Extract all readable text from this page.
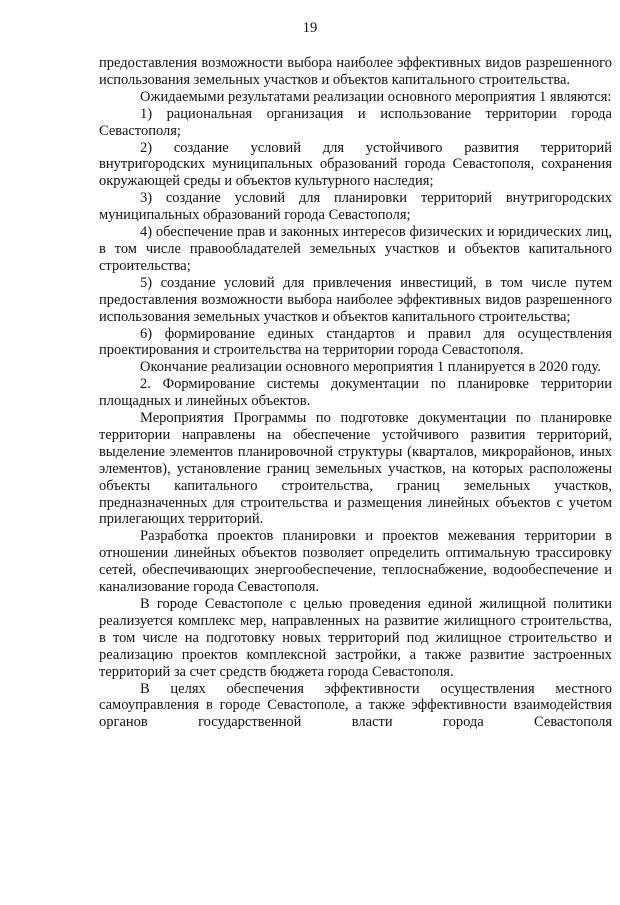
19

предоставления возможности выбора наиболее эффективных видов разрешенного использования земельных участков и объектов капитального строительства.

Ожидаемыми результатами реализации основного мероприятия 1 являются:

1) рациональная организация и использование территории города Севастополя;

2) создание условий для устойчивого развития территорий внутригородских муниципальных образований города Севастополя, сохранения окружающей среды и объектов культурного наследия;

3) создание условий для планировки территорий внутригородских муниципальных образований города Севастополя;

4) обеспечение прав и законных интересов физических и юридических лиц, в том числе правообладателей земельных участков и объектов капитального строительства;

5) создание условий для привлечения инвестиций, в том числе путем предоставления возможности выбора наиболее эффективных видов разрешенного использования земельных участков и объектов капитального строительства;

6) формирование единых стандартов и правил для осуществления проектирования и строительства на территории города Севастополя.

Окончание реализации основного мероприятия 1 планируется в 2020 году.

2. Формирование системы документации по планировке территории площадных и линейных объектов.

Мероприятия Программы по подготовке документации по планировке территории направлены на обеспечение устойчивого развития территорий, выделение элементов планировочной структуры (кварталов, микрорайонов, иных элементов), установление границ земельных участков, на которых расположены объекты капитального строительства, границ земельных участков, предназначенных для строительства и размещения линейных объектов с учетом прилегающих территорий.

Разработка проектов планировки и проектов межевания территории в отношении линейных объектов позволяет определить оптимальную трассировку сетей, обеспечивающих энергообеспечение, теплоснабжение, водообеспечение и канализование города Севастополя.

В городе Севастополе с целью проведения единой жилищной политики реализуется комплекс мер, направленных на развитие жилищного строительства, в том числе на подготовку новых территорий под жилищное строительство и реализацию проектов комплексной застройки, а также развитие застроенных территорий за счет средств бюджета города Севастополя.

В целях обеспечения эффективности осуществления местного самоуправления в городе Севастополе, а также эффективности взаимодействия органов государственной власти города Севастополя
